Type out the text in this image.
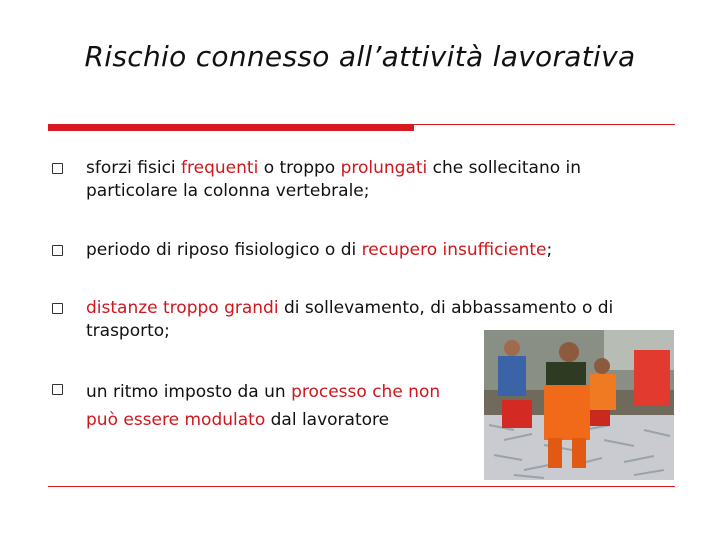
Rischio connesso all’attività lavorativa
sforzi fisici frequenti o troppo prolungati che sollecitano in
particolare la colonna vertebrale;
periodo di riposo fisiologico o di recupero insufficiente;
distanze troppo grandi di sollevamento, di abbassamento o di
trasporto;
un ritmo imposto da un processo che non
può essere modulato dal lavoratore
